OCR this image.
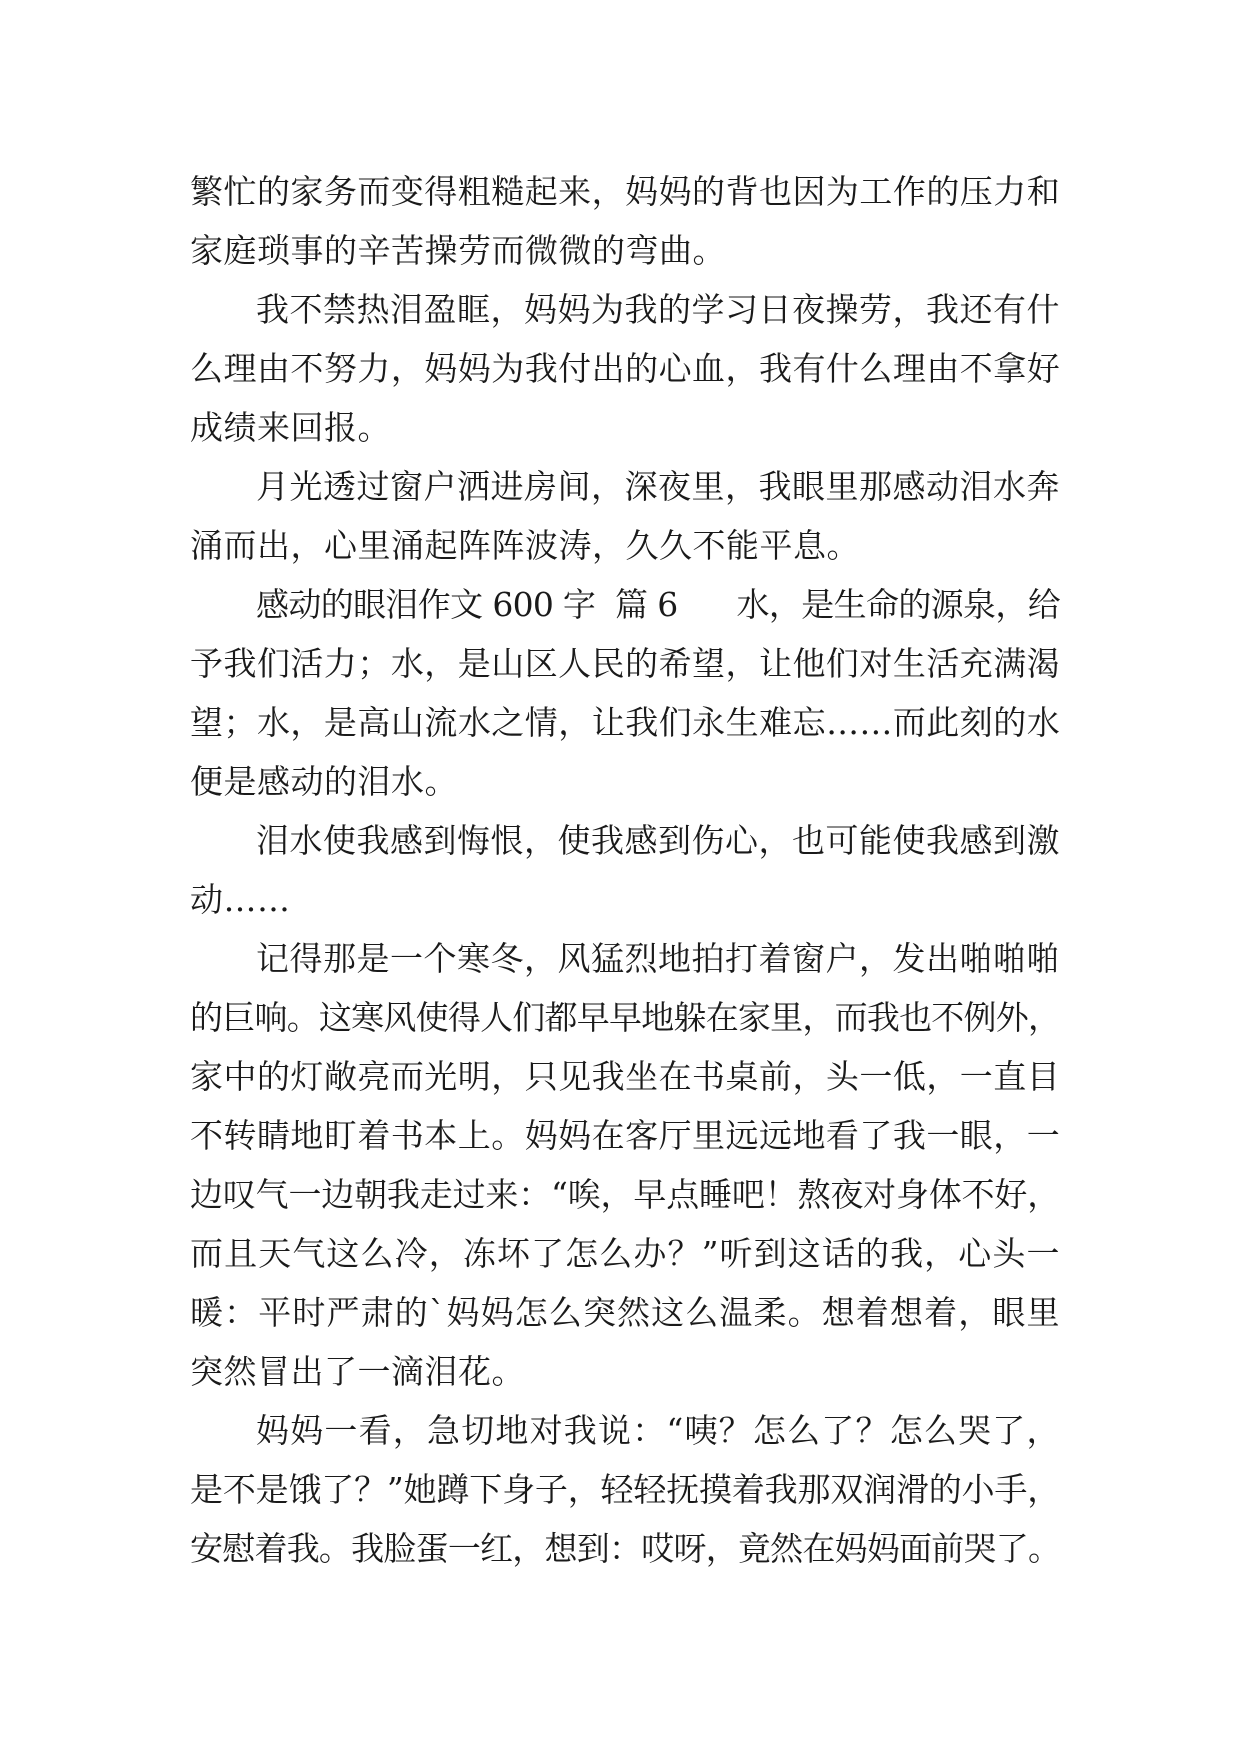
繁忙的家务而变得粗糙起来，妈妈的背也因为工作的压力和
家庭琐事的辛苦操劳而微微的弯曲。
我不禁热泪盈眶，妈妈为我的学习日夜操劳，我还有什
么理由不努力，妈妈为我付出的心血，我有什么理由不拿好
成绩来回报。
月光透过窗户洒进房间，深夜里，我眼里那感动泪水奔
涌而出，心里涌起阵阵波涛，久久不能平息。
感动的眼泪作文 600 字  篇 6      水，是生命的源泉，给
予我们活力；水，是山区人民的希望，让他们对生活充满渴
望；水，是高山流水之情，让我们永生难忘……而此刻的水
便是感动的泪水。
泪水使我感到悔恨，使我感到伤心，也可能使我感到激
动……
记得那是一个寒冬，风猛烈地拍打着窗户，发出啪啪啪
的巨响。这寒风使得人们都早早地躲在家里，而我也不例外，
家中的灯敞亮而光明，只见我坐在书桌前，头一低，一直目
不转睛地盯着书本上。妈妈在客厅里远远地看了我一眼，一
边叹气一边朝我走过来：“唉，早点睡吧！熬夜对身体不好，
而且天气这么冷，冻坏了怎么办？”听到这话的我，心头一
暖：平时严肃的`妈妈怎么突然这么温柔。想着想着，眼里
突然冒出了一滴泪花。
妈妈一看，急切地对我说：“咦？怎么了？怎么哭了，
是不是饿了？”她蹲下身子，轻轻抚摸着我那双润滑的小手，
安慰着我。我脸蛋一红，想到：哎呀，竟然在妈妈面前哭了。
